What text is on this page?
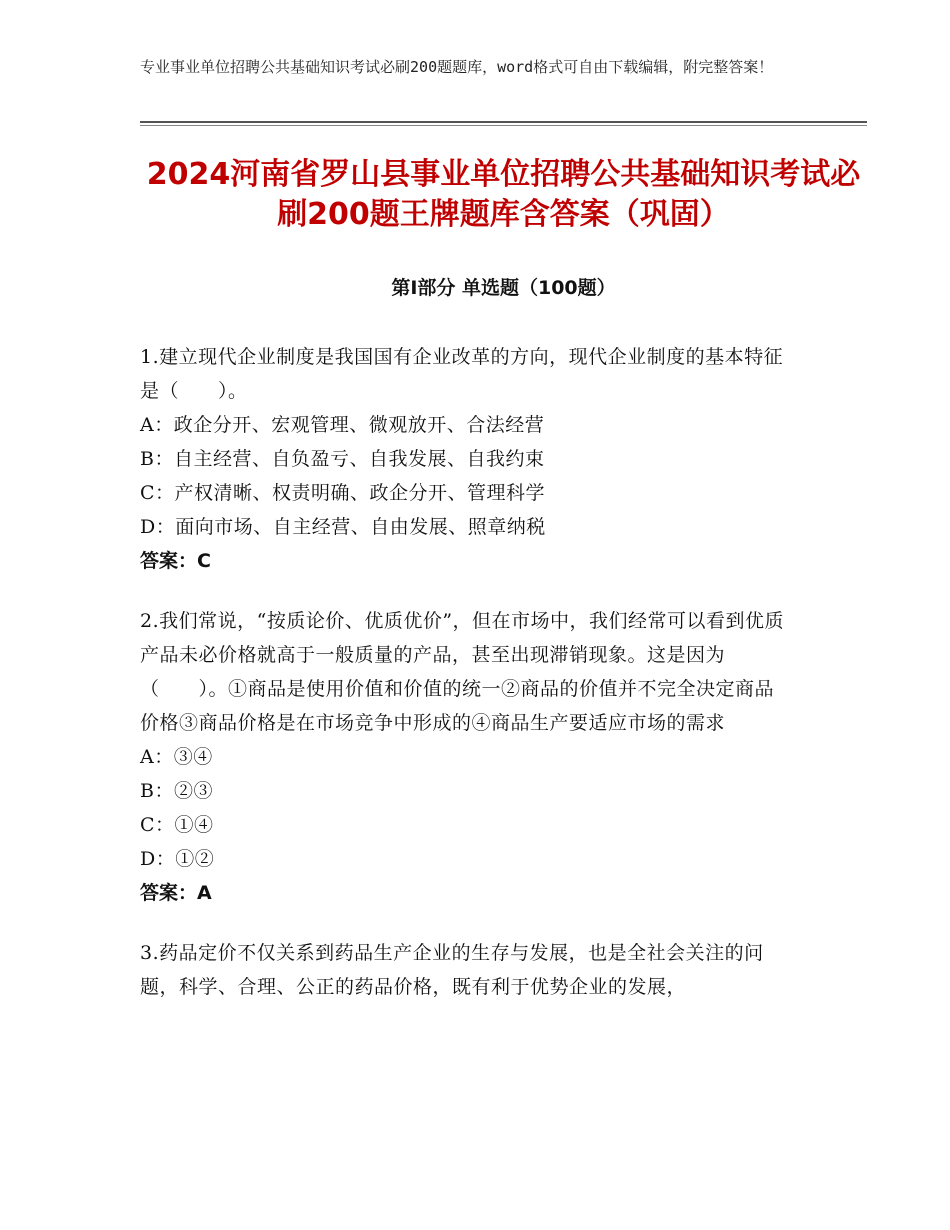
专业事业单位招聘公共基础知识考试必刷200题题库，word格式可自由下载编辑，附完整答案！
2024河南省罗山县事业单位招聘公共基础知识考试必刷200题王牌题库含答案（巩固）
第Ⅰ部分 单选题（100题）

1.建立现代企业制度是我国国有企业改革的方向，现代企业制度的基本特征是（　　）。

A：政企分开、宏观管理、微观放开、合法经营

B：自主经营、自负盈亏、自我发展、自我约束

C：产权清晰、权责明确、政企分开、管理科学

D：面向市场、自主经营、自由发展、照章纳税

答案：C

2.我们常说，“按质论价、优质优价”，但在市场中，我们经常可以看到优质产品未必价格就高于一般质量的产品，甚至出现滞销现象。这是因为（　　）。①商品是使用价值和价值的统一②商品的价值并不完全决定商品价格③商品价格是在市场竞争中形成的④商品生产要适应市场的需求

A：③④

B：②③

C：①④

D：①②

答案：A

3.药品定价不仅关系到药品生产企业的生存与发展，也是全社会关注的问题，科学、合理、公正的药品价格，既有利于优势企业的发展，
